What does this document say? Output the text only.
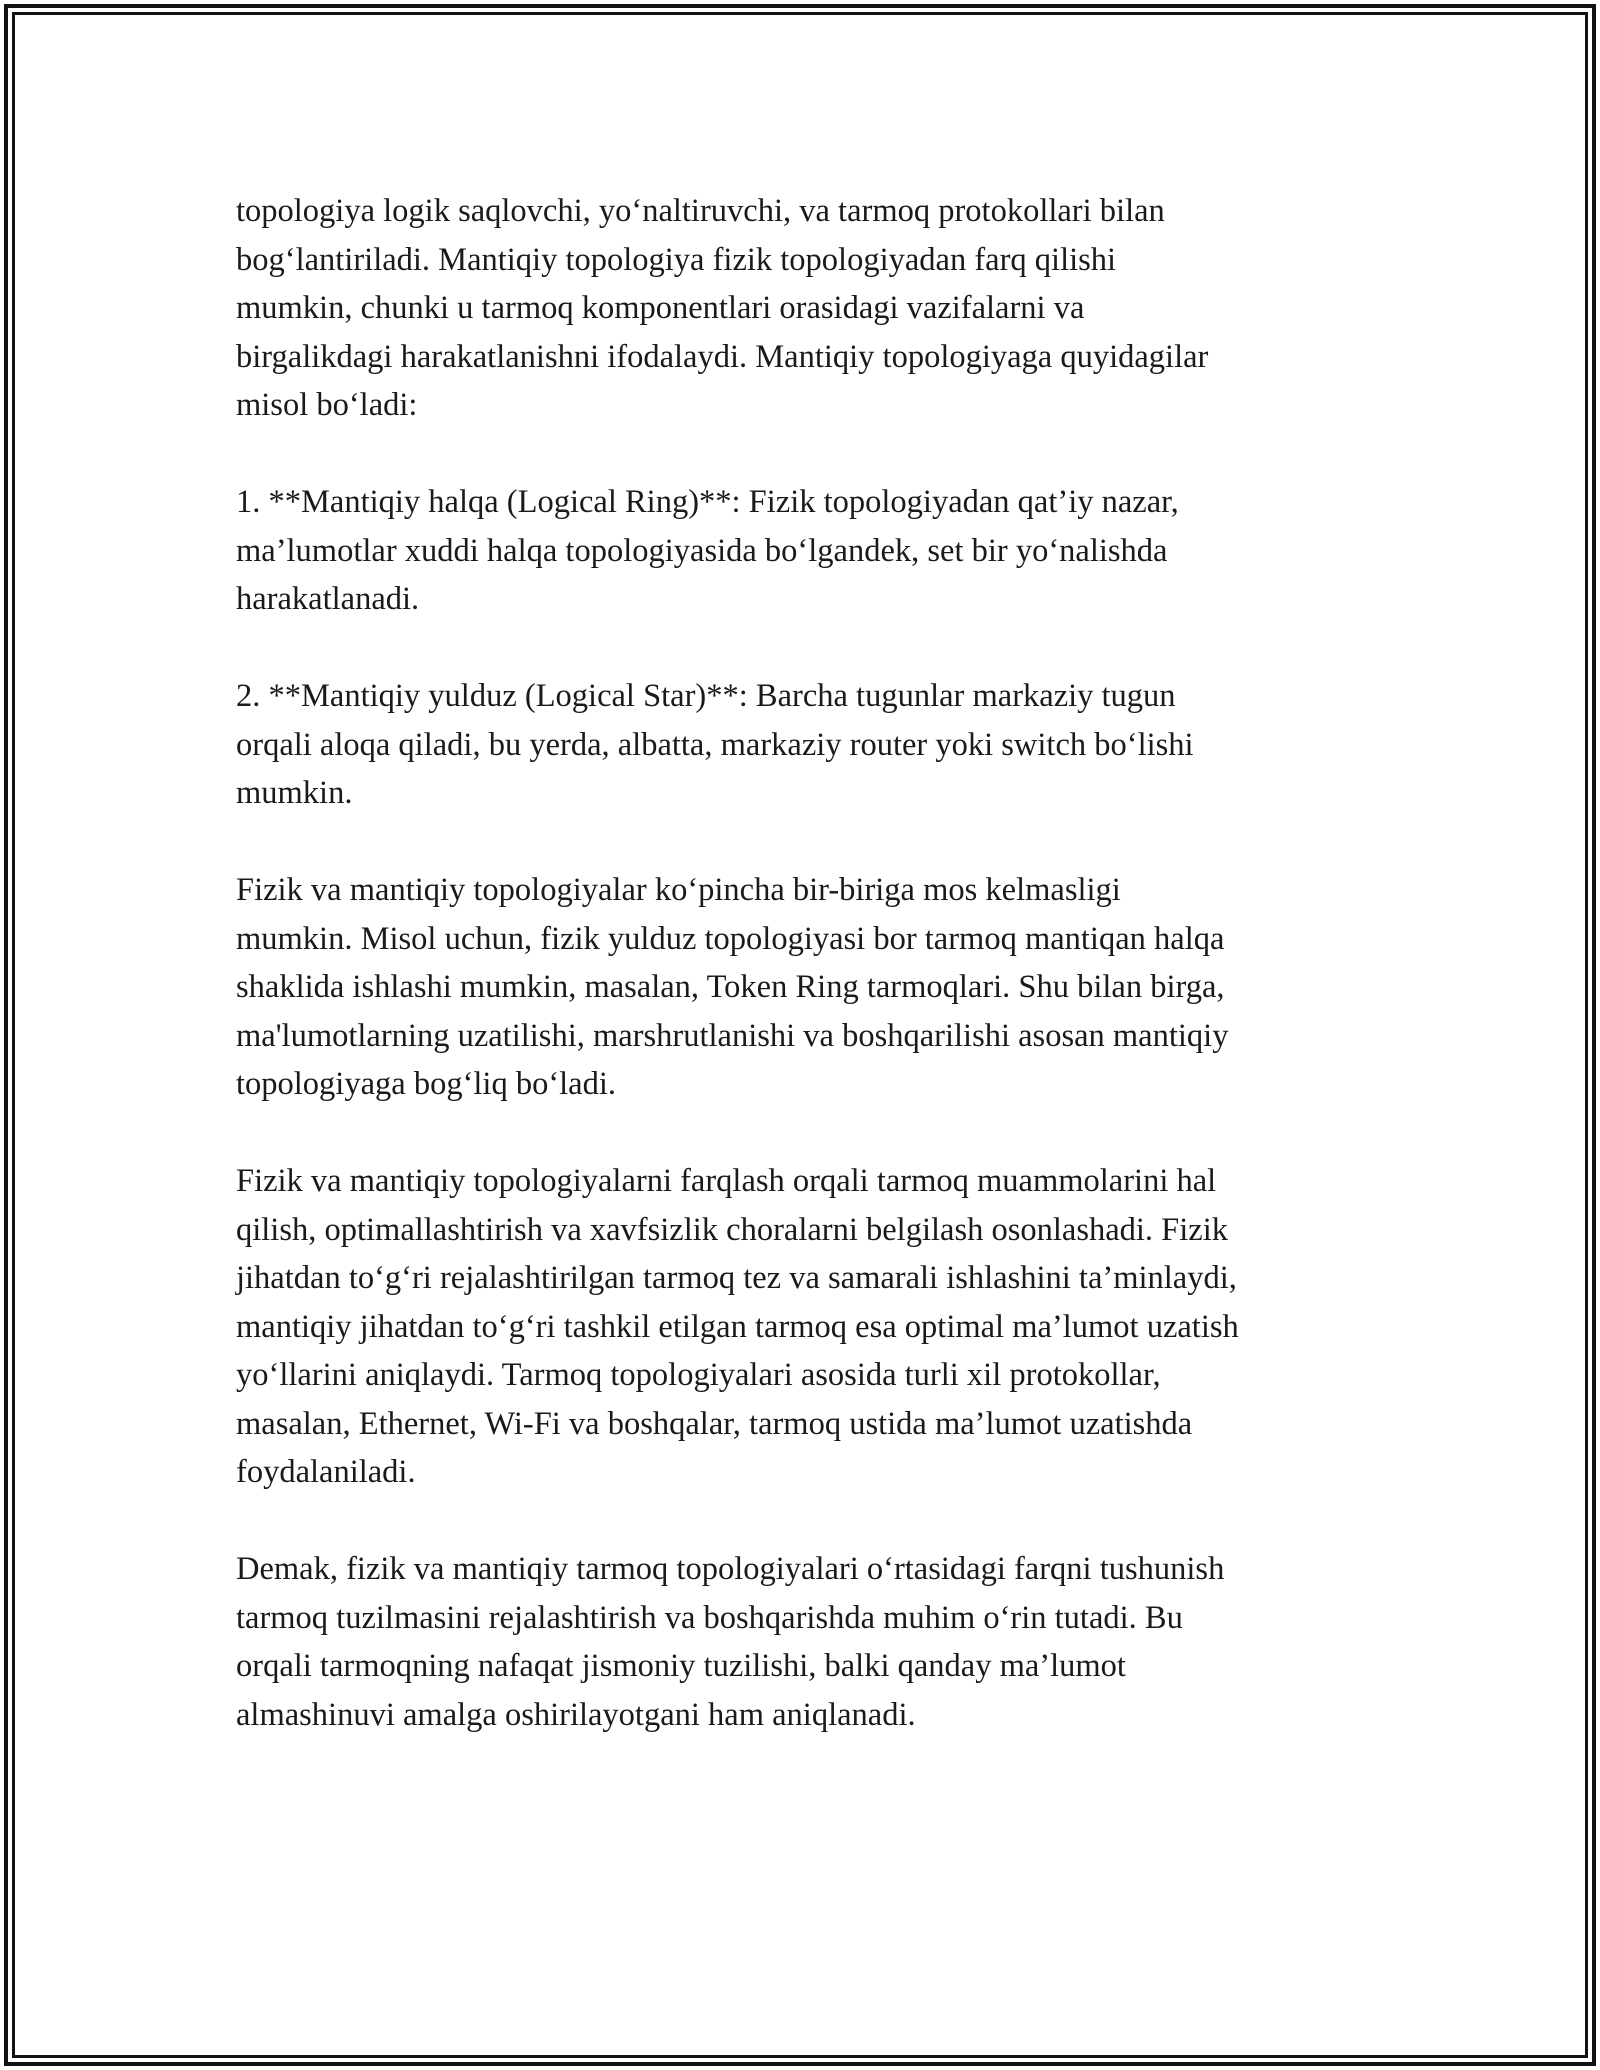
topologiya logik saqlovchi, yo‘naltiruvchi, va tarmoq protokollari bilan
bog‘lantiriladi. Mantiqiy topologiya fizik topologiyadan farq qilishi
mumkin, chunki u tarmoq komponentlari orasidagi vazifalarni va
birgalikdagi harakatlanishni ifodalaydi. Mantiqiy topologiyaga quyidagilar
misol bo‘ladi:

1. **Mantiqiy halqa (Logical Ring)**: Fizik topologiyadan qat’iy nazar,
ma’lumotlar xuddi halqa topologiyasida bo‘lgandek, set bir yo‘nalishda
harakatlanadi.

2. **Mantiqiy yulduz (Logical Star)**: Barcha tugunlar markaziy tugun
orqali aloqa qiladi, bu yerda, albatta, markaziy router yoki switch bo‘lishi
mumkin.

Fizik va mantiqiy topologiyalar ko‘pincha bir-biriga mos kelmasligi
mumkin. Misol uchun, fizik yulduz topologiyasi bor tarmoq mantiqan halqa
shaklida ishlashi mumkin, masalan, Token Ring tarmoqlari. Shu bilan birga,
ma'lumotlarning uzatilishi, marshrutlanishi va boshqarilishi asosan mantiqiy
topologiyaga bog‘liq bo‘ladi.

Fizik va mantiqiy topologiyalarni farqlash orqali tarmoq muammolarini hal
qilish, optimallashtirish va xavfsizlik choralarni belgilash osonlashadi. Fizik
jihatdan to‘g‘ri rejalashtirilgan tarmoq tez va samarali ishlashini ta’minlaydi,
mantiqiy jihatdan to‘g‘ri tashkil etilgan tarmoq esa optimal ma’lumot uzatish
yo‘llarini aniqlaydi. Tarmoq topologiyalari asosida turli xil protokollar,
masalan, Ethernet, Wi-Fi va boshqalar, tarmoq ustida ma’lumot uzatishda
foydalaniladi.

Demak, fizik va mantiqiy tarmoq topologiyalari o‘rtasidagi farqni tushunish
tarmoq tuzilmasini rejalashtirish va boshqarishda muhim o‘rin tutadi. Bu
orqali tarmoqning nafaqat jismoniy tuzilishi, balki qanday ma’lumot
almashinuvi amalga oshirilayotgani ham aniqlanadi.
